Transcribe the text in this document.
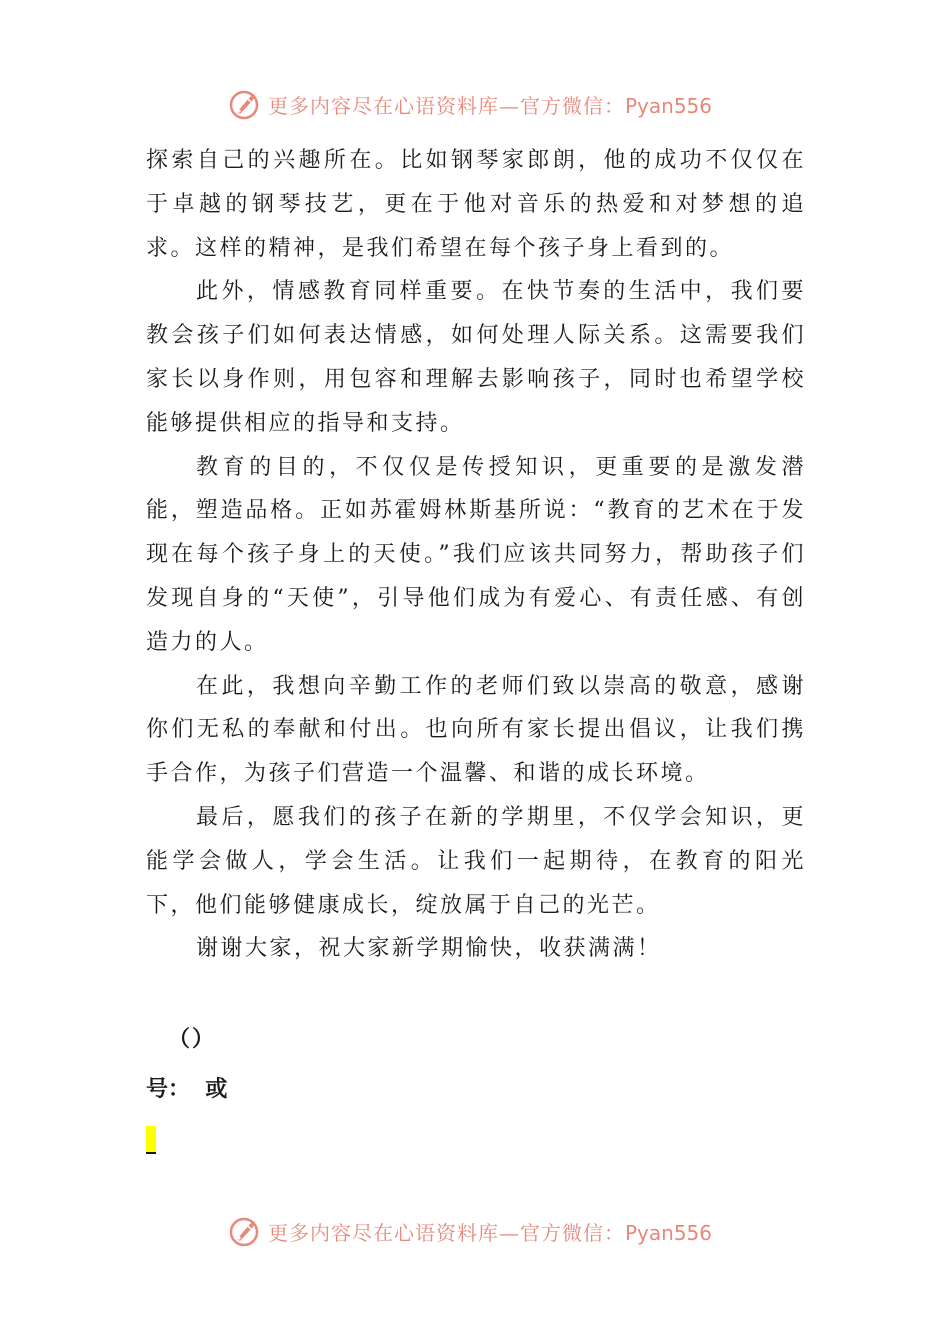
更多内容尽在心语资料库—官方微信：Pyan556

探索自己的兴趣所在。比如钢琴家郎朗，他的成功不仅仅在于卓越的钢琴技艺，更在于他对音乐的热爱和对梦想的追求。这样的精神，是我们希望在每个孩子身上看到的。

此外，情感教育同样重要。在快节奏的生活中，我们要教会孩子们如何表达情感，如何处理人际关系。这需要我们家长以身作则，用包容和理解去影响孩子，同时也希望学校能够提供相应的指导和支持。

教育的目的，不仅仅是传授知识，更重要的是激发潜能，塑造品格。正如苏霍姆林斯基所说：“教育的艺术在于发现在每个孩子身上的天使。”我们应该共同努力，帮助孩子们发现自身的“天使”，引导他们成为有爱心、有责任感、有创造力的人。

在此，我想向辛勤工作的老师们致以崇高的敬意，感谢你们无私的奉献和付出。也向所有家长提出倡议，让我们携手合作，为孩子们营造一个温馨、和谐的成长环境。

最后，愿我们的孩子在新的学期里，不仅学会知识，更能学会做人，学会生活。让我们一起期待，在教育的阳光下，他们能够健康成长，绽放属于自己的光芒。

谢谢大家，祝大家新学期愉快，收获满满！

（）
号：  或
更多内容尽在心语资料库—官方微信：Pyan556
